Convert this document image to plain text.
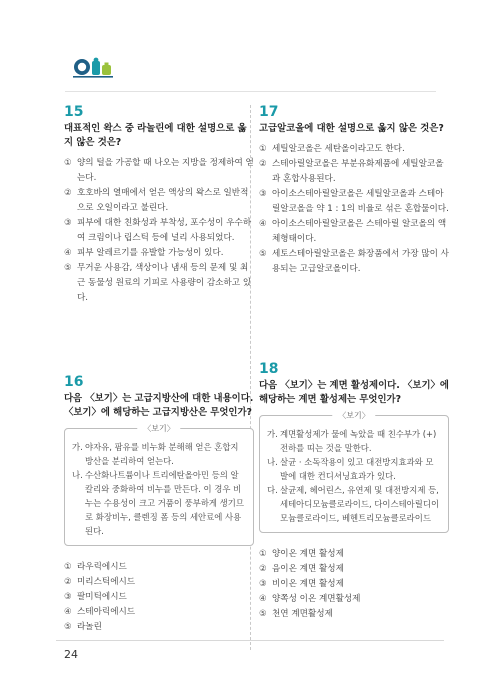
15
대표적인 왁스 중 라놀린에 대한 설명으로 옳지 않은 것은?
① 양의 털을 가공할 때 나오는 지방을 정제하여 얻는다.
② 호호바의 열매에서 얻은 액상의 왁스로 일반적으로 오일이라고 불린다.
③ 피부에 대한 친화성과 부착성, 포수성이 우수하여 크림이나 립스틱 등에 널리 사용되었다.
④ 피부 알레르기를 유발할 가능성이 있다.
⑤ 무거운 사용감, 색상이나 냄새 등의 문제 및 최근 동물성 원료의 기피로 사용량이 감소하고 있다.
17
고급알코올에 대한 설명으로 옳지 않은 것은?
① 세틸알코올은 세탄올이라고도 한다.
② 스테아릴알코올은 부분유화제품에 세틸알코올과 혼합사용된다.
③ 아이소스테아릴알코올은 세틸알코올과 스테아릴알코올을 약 1 : 1의 비율로 섞은 혼합물이다.
④ 아이소스테아릴알코올은 스테아릴 알코올의 액체형태이다.
⑤ 세토스테아릴알코올은 화장품에서 가장 많이 사용되는 고급알코올이다.
16
다음 〈보기〉는 고급지방산에 대한 내용이다. 〈보기〉에 해당하는 고급지방산은 무엇인가?
〈보기〉
가. 야자유, 팜유를 비누화 분해해 얻은 혼합지방산을 분리하여 얻는다.
나. 수산화나트륨이나 트리에탄올아민 등의 알칼리와 중화하여 비누를 만든다. 이 경우 비누는 수용성이 크고 거품이 풍부하게 생기므로 화장비누, 클렌징 폼 등의 세안료에 사용된다.
① 라우릭에시드
② 미리스틱에시드
③ 팔미틱에시드
④ 스테아릭에시드
⑤ 라놀린
18
다음 〈보기〉는 계면 활성제이다. 〈보기〉에 해당하는 계면 활성제는 무엇인가?
〈보기〉
가. 계면활성제가 물에 녹았을 때 친수부가 (+)전하를 띠는 것을 말한다.
나. 살균 · 소독작용이 있고 대전방지효과와 모발에 대한 컨디셔닝효과가 있다.
다. 살균제, 헤어린스, 유연제 및 대전방지제 등, 세테아디모늄클로라이드, 다이스테아릴디이모늄클로라이드, 베헨트리모늄클로라이드
① 양이온 계면 활성제
② 음이온 계면 활성제
③ 비이온 계면 활성제
④ 양쪽성 이온 계면활성제
⑤ 천연 계면활성제
24
